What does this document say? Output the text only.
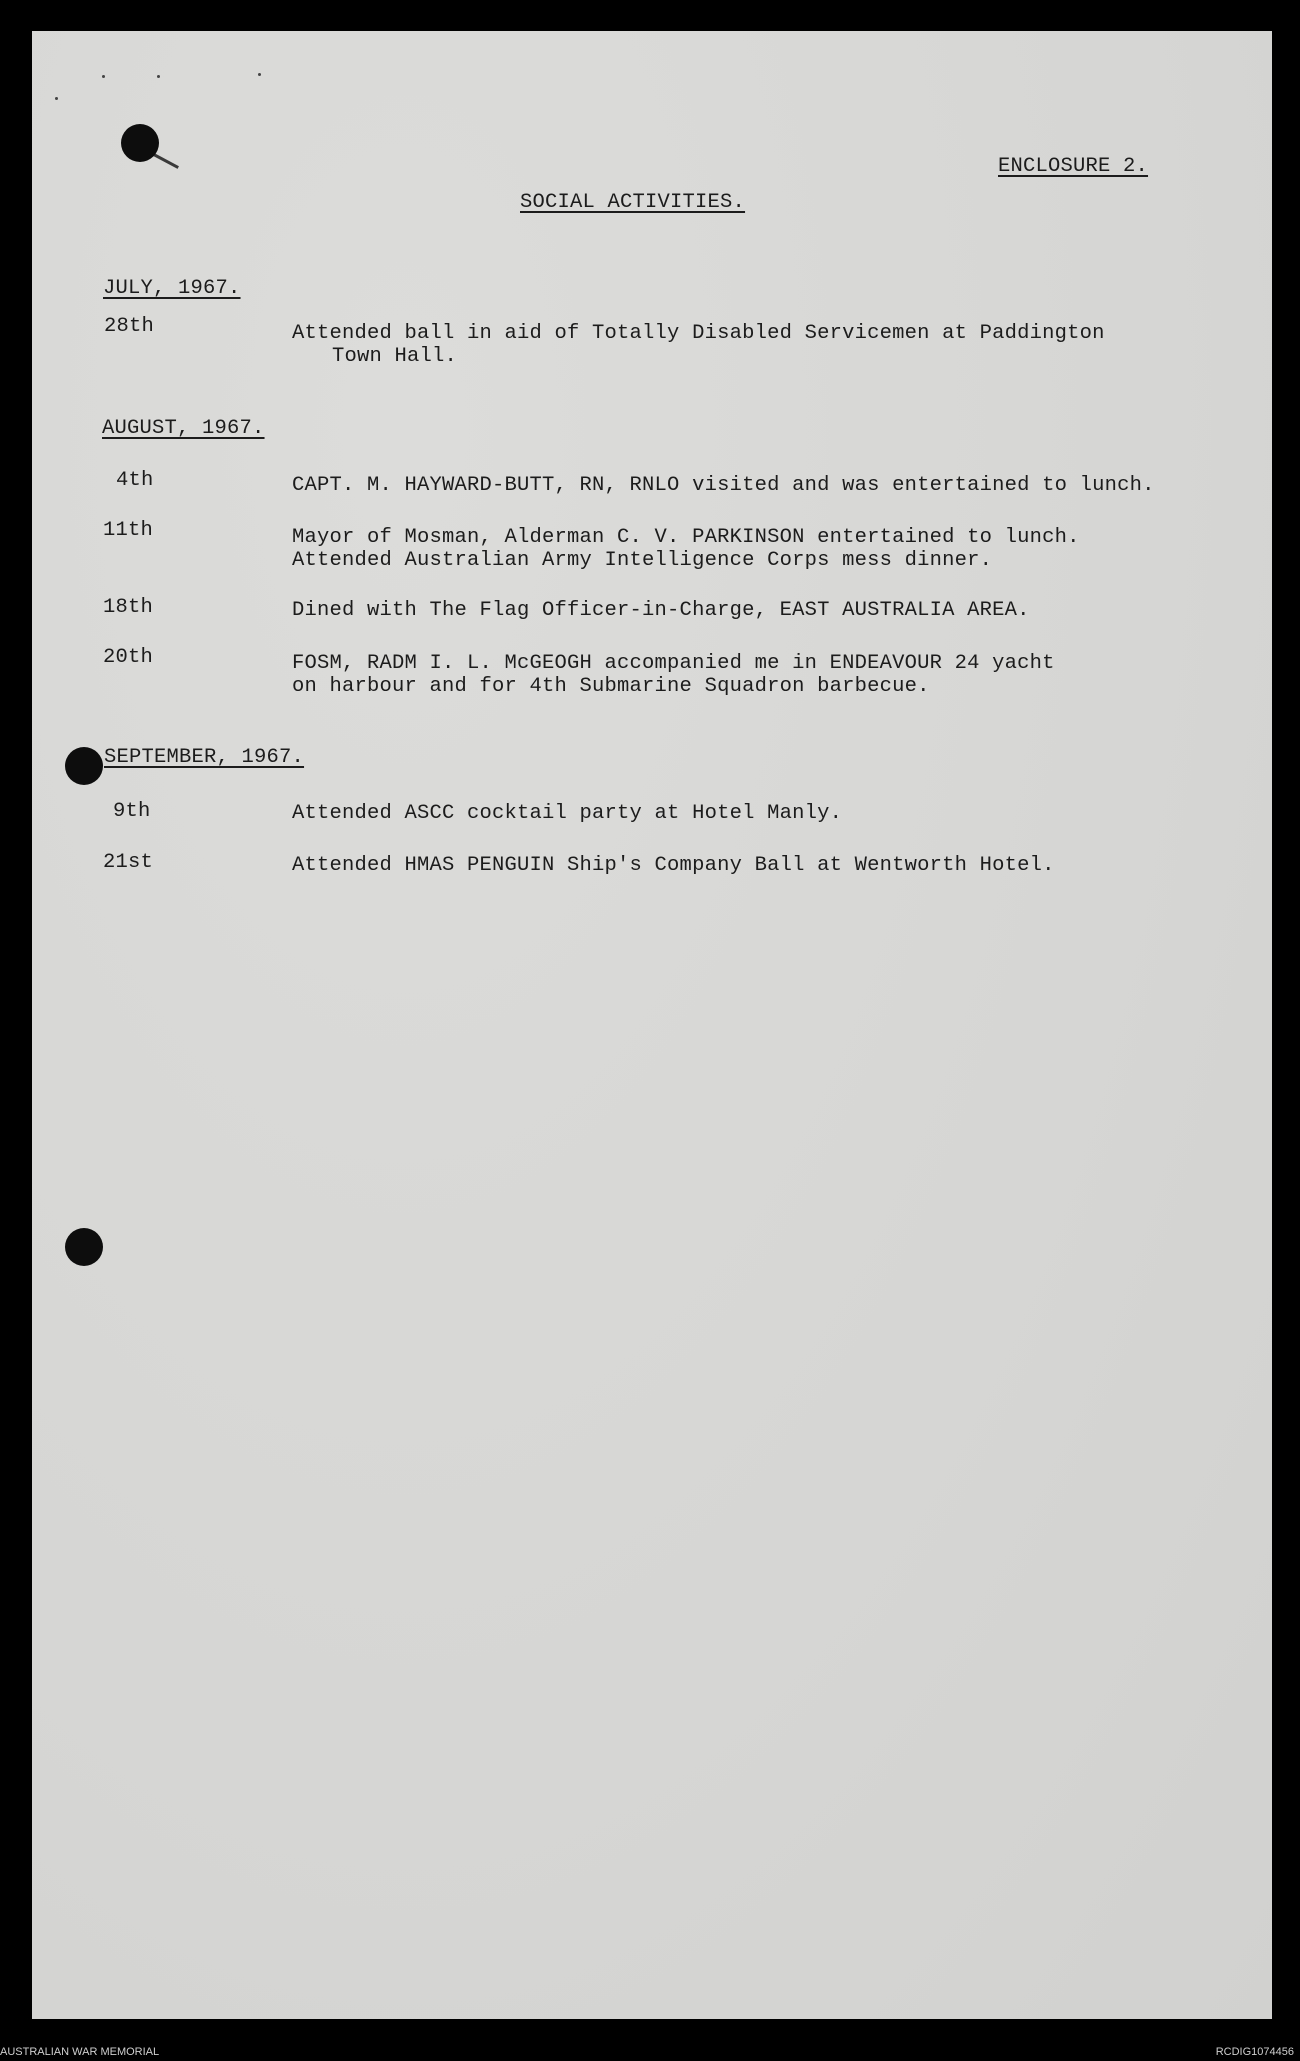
ENCLOSURE 2.
SOCIAL ACTIVITIES.
JULY, 1967.
28th	Attended ball in aid of Totally Disabled Servicemen at Paddington
Town Hall.
AUGUST, 1967.
4th	CAPT. M. HAYWARD-BUTT, RN, RNLO visited and was entertained to lunch.
11th	Mayor of Mosman, Alderman C. V. PARKINSON entertained to lunch.
Attended Australian Army Intelligence Corps mess dinner.
18th	Dined with The Flag Officer-in-Charge, EAST AUSTRALIA AREA.
20th	FOSM, RADM I. L. McGEOGH accompanied me in ENDEAVOUR 24 yacht
on harbour and for 4th Submarine Squadron barbecue.
SEPTEMBER, 1967.
9th	Attended ASCC cocktail party at Hotel Manly.
21st	Attended HMAS PENGUIN Ship's Company Ball at Wentworth Hotel.
AUSTRALIAN WAR MEMORIAL	RCDIG1074456
